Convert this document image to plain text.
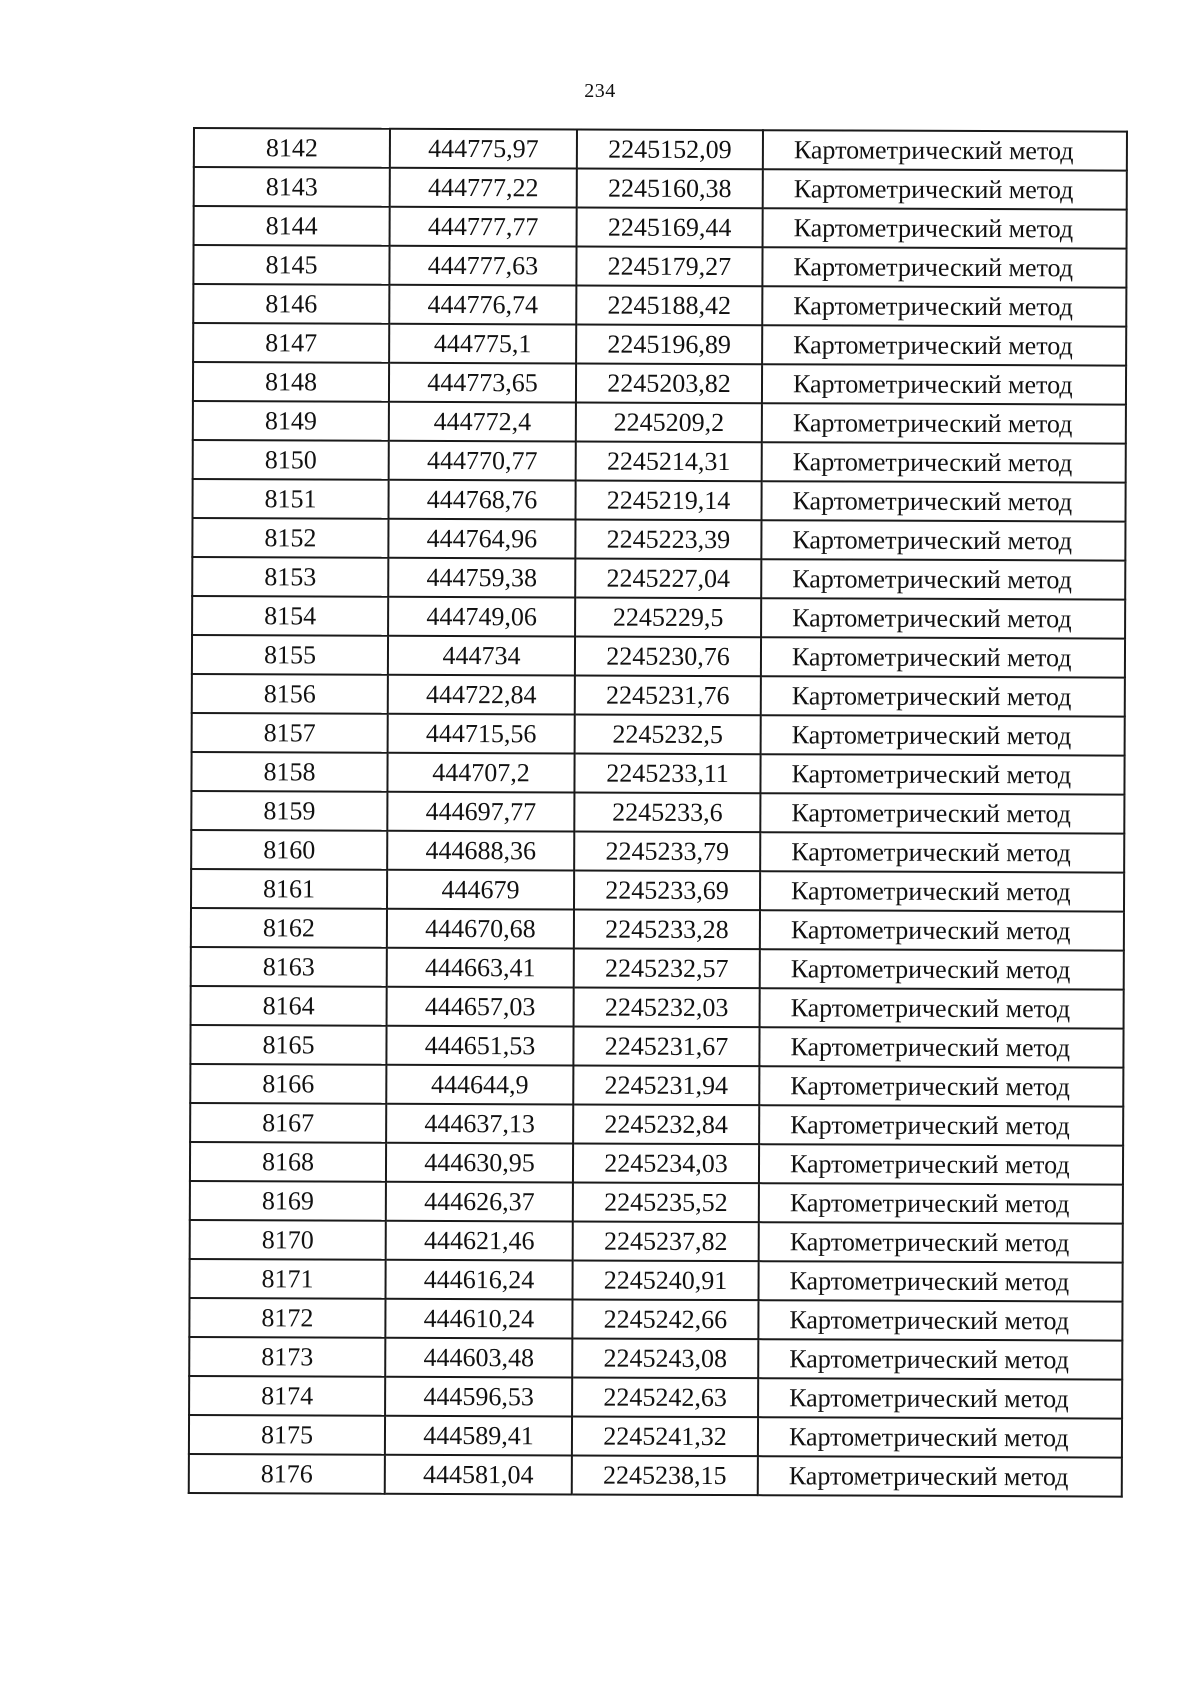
234
8142	444775,97	2245152,09	Картометрический метод
8143	444777,22	2245160,38	Картометрический метод
8144	444777,77	2245169,44	Картометрический метод
8145	444777,63	2245179,27	Картометрический метод
8146	444776,74	2245188,42	Картометрический метод
8147	444775,1	2245196,89	Картометрический метод
8148	444773,65	2245203,82	Картометрический метод
8149	444772,4	2245209,2	Картометрический метод
8150	444770,77	2245214,31	Картометрический метод
8151	444768,76	2245219,14	Картометрический метод
8152	444764,96	2245223,39	Картометрический метод
8153	444759,38	2245227,04	Картометрический метод
8154	444749,06	2245229,5	Картометрический метод
8155	444734	2245230,76	Картометрический метод
8156	444722,84	2245231,76	Картометрический метод
8157	444715,56	2245232,5	Картометрический метод
8158	444707,2	2245233,11	Картометрический метод
8159	444697,77	2245233,6	Картометрический метод
8160	444688,36	2245233,79	Картометрический метод
8161	444679	2245233,69	Картометрический метод
8162	444670,68	2245233,28	Картометрический метод
8163	444663,41	2245232,57	Картометрический метод
8164	444657,03	2245232,03	Картометрический метод
8165	444651,53	2245231,67	Картометрический метод
8166	444644,9	2245231,94	Картометрический метод
8167	444637,13	2245232,84	Картометрический метод
8168	444630,95	2245234,03	Картометрический метод
8169	444626,37	2245235,52	Картометрический метод
8170	444621,46	2245237,82	Картометрический метод
8171	444616,24	2245240,91	Картометрический метод
8172	444610,24	2245242,66	Картометрический метод
8173	444603,48	2245243,08	Картометрический метод
8174	444596,53	2245242,63	Картометрический метод
8175	444589,41	2245241,32	Картометрический метод
8176	444581,04	2245238,15	Картометрический метод
